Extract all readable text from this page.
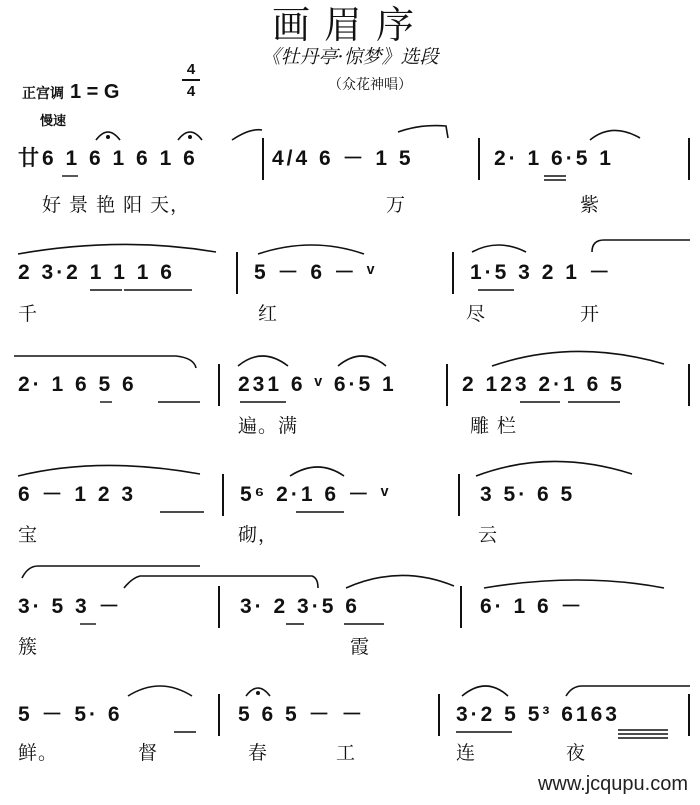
画眉序
《牡丹亭·惊梦》选段
（众花神唱）
正宫调 1 = G
4
4
慢速
廿6 1 6 1 6 1 6	4/4 6 － 1 5	2· 1 6·5 1
好 景 艳 阳 天，	万	紫
2 3·2 1 1 1 6	5 － 6 － ᵛ	1·5 3 2 1 －
千	红	尽	开
2· 1 6 5 6	231 6 ᵛ 6·5 1	2 123 2·1 6 5
遍。满	雕 栏
6 － 1 2 3	5⁶ 2·1 6 － ᵛ	3 5· 6 5
宝	砌，	云
3· 5 3 －	3· 2 3·5 6	6· 1 6 －
簇	霞
5 － 5· 6	5 6 5 － －	3·2 5 5³ 6163
鲜。	督	春	工	连	夜
www.jcqupu.com
